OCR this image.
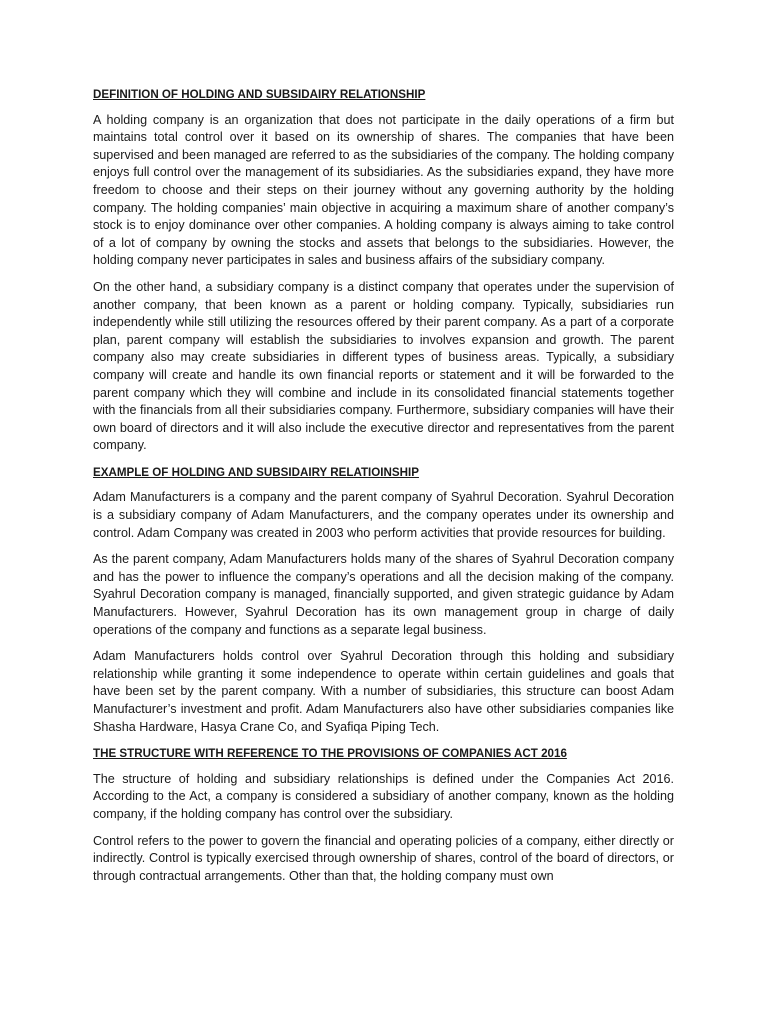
DEFINITION OF HOLDING AND SUBSIDAIRY RELATIONSHIP

A holding company is an organization that does not participate in the daily operations of a firm but maintains total control over it based on its ownership of shares. The companies that have been supervised and been managed are referred to as the subsidiaries of the company. The holding company enjoys full control over the management of its subsidiaries. As the subsidiaries expand, they have more freedom to choose and their steps on their journey without any governing authority by the holding company. The holding companies’ main objective in acquiring a maximum share of another company’s stock is to enjoy dominance over other companies. A holding company is always aiming to take control of a lot of company by owning the stocks and assets that belongs to the subsidiaries. However, the holding company never participates in sales and business affairs of the subsidiary company.

On the other hand, a subsidiary company is a distinct company that operates under the supervision of another company, that been known as a parent or holding company. Typically, subsidiaries run independently while still utilizing the resources offered by their parent company. As a part of a corporate plan, parent company will establish the subsidiaries to involves expansion and growth. The parent company also may create subsidiaries in different types of business areas. Typically, a subsidiary company will create and handle its own financial reports or statement and it will be forwarded to the parent company which they will combine and include in its consolidated financial statements together with the financials from all their subsidiaries company. Furthermore, subsidiary companies will have their own board of directors and it will also include the executive director and representatives from the parent company.

EXAMPLE OF HOLDING AND SUBSIDAIRY RELATIOINSHIP

Adam Manufacturers is a company and the parent company of Syahrul Decoration. Syahrul Decoration is a subsidiary company of Adam Manufacturers, and the company operates under its ownership and control. Adam Company was created in 2003 who perform activities that provide resources for building.

As the parent company, Adam Manufacturers holds many of the shares of Syahrul Decoration company and has the power to influence the company’s operations and all the decision making of the company. Syahrul Decoration company is managed, financially supported, and given strategic guidance by Adam Manufacturers. However, Syahrul Decoration has its own management group in charge of daily operations of the company and functions as a separate legal business.

Adam Manufacturers holds control over Syahrul Decoration through this holding and subsidiary relationship while granting it some independence to operate within certain guidelines and goals that have been set by the parent company. With a number of subsidiaries, this structure can boost Adam Manufacturer’s investment and profit. Adam Manufacturers also have other subsidiaries companies like Shasha Hardware, Hasya Crane Co, and Syafiqa Piping Tech.

THE STRUCTURE WITH REFERENCE TO THE PROVISIONS OF COMPANIES ACT 2016

The structure of holding and subsidiary relationships is defined under the Companies Act 2016. According to the Act, a company is considered a subsidiary of another company, known as the holding company, if the holding company has control over the subsidiary.

Control refers to the power to govern the financial and operating policies of a company, either directly or indirectly. Control is typically exercised through ownership of shares, control of the board of directors, or through contractual arrangements. Other than that, the holding company must own
